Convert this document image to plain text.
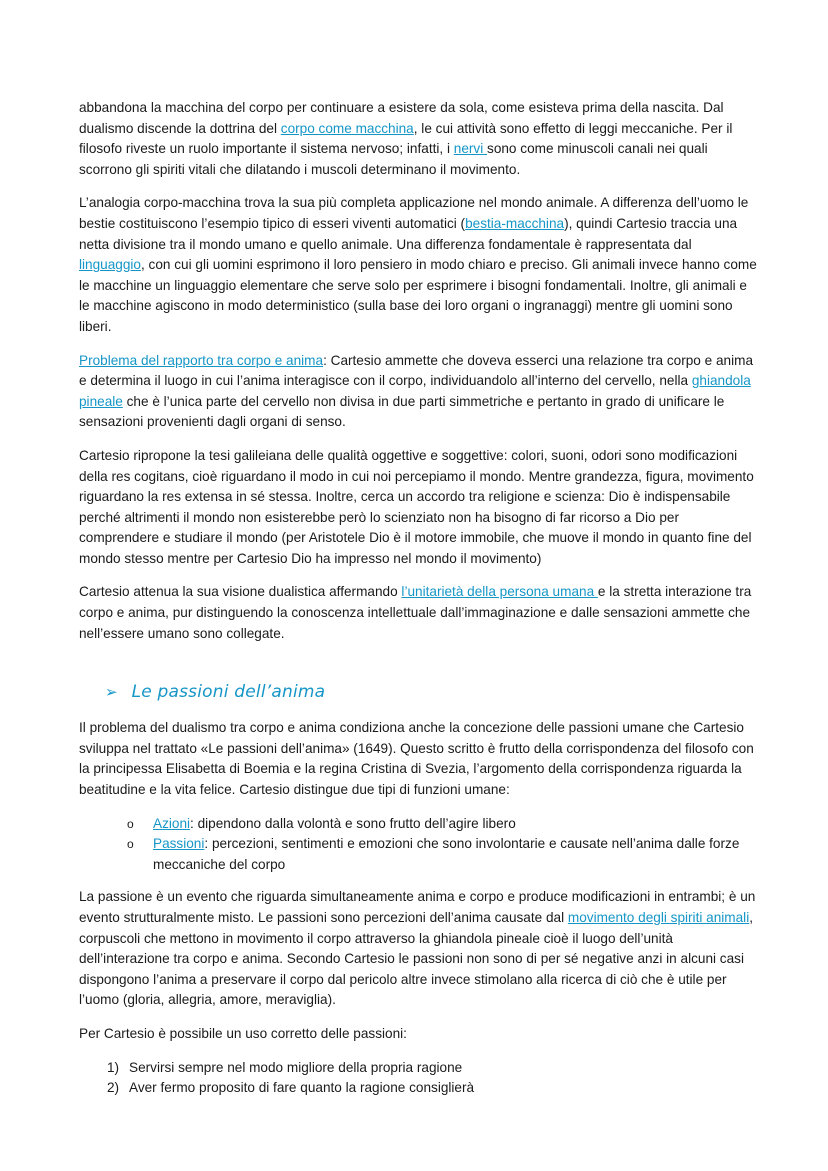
abbandona la macchina del corpo per continuare a esistere da sola, come esisteva prima della nascita. Dal dualismo discende la dottrina del corpo come macchina, le cui attività sono effetto di leggi meccaniche. Per il filosofo riveste un ruolo importante il sistema nervoso; infatti, i nervi sono come minuscoli canali nei quali scorrono gli spiriti vitali che dilatando i muscoli determinano il movimento.

L’analogia corpo-macchina trova la sua più completa applicazione nel mondo animale. A differenza dell’uomo le bestie costituiscono l’esempio tipico di esseri viventi automatici (bestia-macchina), quindi Cartesio traccia una netta divisione tra il mondo umano e quello animale. Una differenza fondamentale è rappresentata dal linguaggio, con cui gli uomini esprimono il loro pensiero in modo chiaro e preciso. Gli animali invece hanno come le macchine un linguaggio elementare che serve solo per esprimere i bisogni fondamentali. Inoltre, gli animali e le macchine agiscono in modo deterministico (sulla base dei loro organi o ingranaggi) mentre gli uomini sono liberi.

Problema del rapporto tra corpo e anima: Cartesio ammette che doveva esserci una relazione tra corpo e anima e determina il luogo in cui l’anima interagisce con il corpo, individuandolo all’interno del cervello, nella ghiandola pineale che è l’unica parte del cervello non divisa in due parti simmetriche e pertanto in grado di unificare le sensazioni provenienti dagli organi di senso.

Cartesio ripropone la tesi galileiana delle qualità oggettive e soggettive: colori, suoni, odori sono modificazioni della res cogitans, cioè riguardano il modo in cui noi percepiamo il mondo. Mentre grandezza, figura, movimento riguardano la res extensa in sé stessa. Inoltre, cerca un accordo tra religione e scienza: Dio è indispensabile perché altrimenti il mondo non esisterebbe però lo scienziato non ha bisogno di far ricorso a Dio per comprendere e studiare il mondo (per Aristotele Dio è il motore immobile, che muove il mondo in quanto fine del mondo stesso mentre per Cartesio Dio ha impresso nel mondo il movimento)

Cartesio attenua la sua visione dualistica affermando l’unitarietà della persona umana e la stretta interazione tra corpo e anima, pur distinguendo la conoscenza intellettuale dall’immaginazione e dalle sensazioni ammette che nell’essere umano sono collegate.

➢ Le passioni dell’anima

Il problema del dualismo tra corpo e anima condiziona anche la concezione delle passioni umane che Cartesio sviluppa nel trattato «Le passioni dell’anima» (1649). Questo scritto è frutto della corrispondenza del filosofo con la principessa Elisabetta di Boemia e la regina Cristina di Svezia, l’argomento della corrispondenza riguarda la beatitudine e la vita felice. Cartesio distingue due tipi di funzioni umane:

o Azioni: dipendono dalla volontà e sono frutto dell’agire libero
o Passioni: percezioni, sentimenti e emozioni che sono involontarie e causate nell’anima dalle forze meccaniche del corpo

La passione è un evento che riguarda simultaneamente anima e corpo e produce modificazioni in entrambi; è un evento strutturalmente misto. Le passioni sono percezioni dell’anima causate dal movimento degli spiriti animali, corpuscoli che mettono in movimento il corpo attraverso la ghiandola pineale cioè il luogo dell’unità dell’interazione tra corpo e anima. Secondo Cartesio le passioni non sono di per sé negative anzi in alcuni casi dispongono l’anima a preservare il corpo dal pericolo altre invece stimolano alla ricerca di ciò che è utile per l’uomo (gloria, allegria, amore, meraviglia).

Per Cartesio è possibile un uso corretto delle passioni:

1) Servirsi sempre nel modo migliore della propria ragione
2) Aver fermo proposito di fare quanto la ragione consiglierà
